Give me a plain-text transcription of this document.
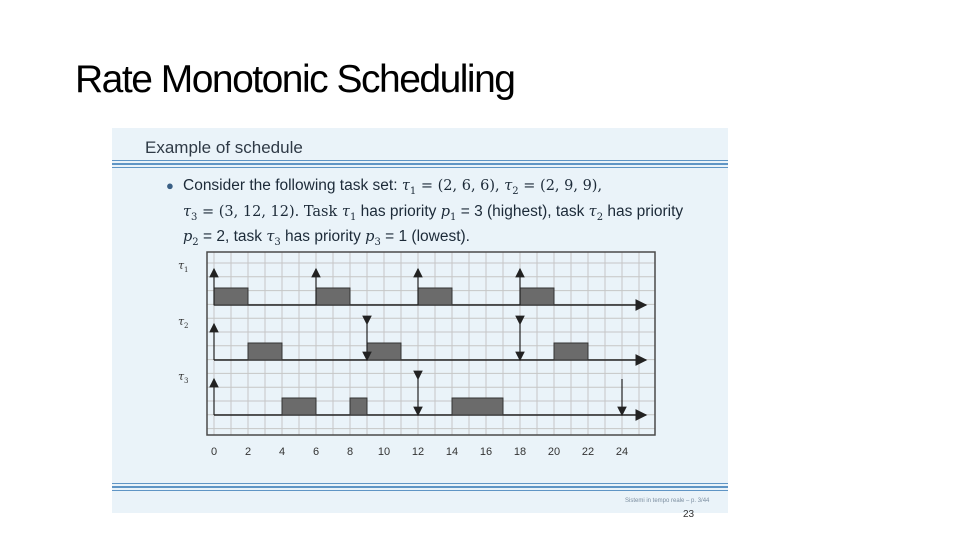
Rate Monotonic Scheduling
Example of schedule
● Consider the following task set: $\tau_1 = (2$, 6, 6), $\tau_2 = (2$, 9, 9),
$\tau_3 = (3$, 12, 12). Task $\tau_1$ has priority $p_1 = 3$ (highest), task $\tau_2$ has priority
$p_2 = 2$, task $\tau_3$ has priority $p_3 = 1$ (lowest).
τ 1
τ 2
τ 3
0	2	4	6	8 10 12 14 16 18 20 22 24
Sistemi in tempo reale – p. 3/44
23
